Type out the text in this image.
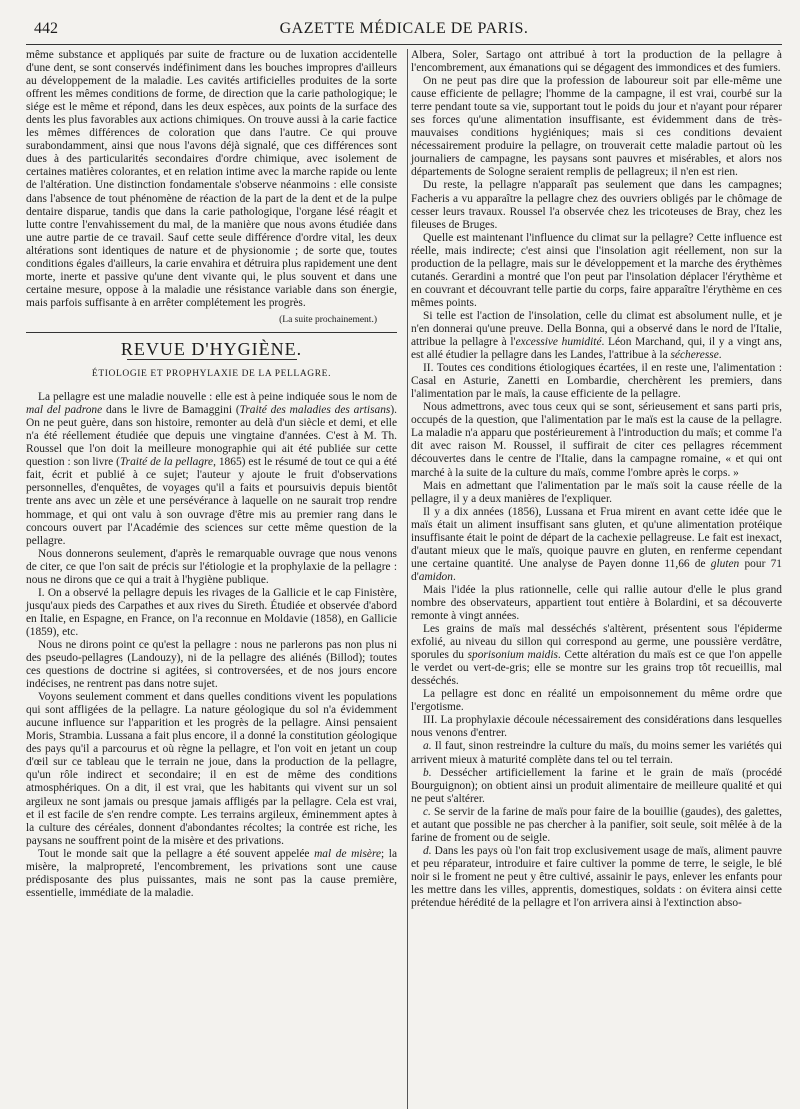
442	GAZETTE MÉDICALE DE PARIS.

même substance et appliqués par suite de fracture ou de luxation accidentelle d'une dent, se sont conservés indéfiniment dans les bouches impropres d'ailleurs au développement de la maladie. Les cavités artificielles produites de la sorte offrent les mêmes conditions de forme, de direction que la carie pathologique; le siége est le même et répond, dans les deux espèces, aux points de la surface des dents les plus favorables aux actions chimiques. On trouve aussi à la carie factice les mêmes différences de coloration que dans l'autre. Ce qui prouve surabondamment, ainsi que nous l'avons déjà signalé, que ces différences sont dues à des particularités secondaires d'ordre chimique, avec isolement de certaines matières colorantes, et en relation intime avec la marche rapide ou lente de l'altération. Une distinction fondamentale s'observe néanmoins : elle consiste dans l'absence de tout phénomène de réaction de la part de la dent et de la pulpe dentaire disparue, tandis que dans la carie pathologique, l'organe lésé réagit et lutte contre l'envahissement du mal, de la manière que nous avons étudiée dans une autre partie de ce travail. Sauf cette seule différence d'ordre vital, les deux altérations sont identiques de nature et de physionomie ; de sorte que, toutes conditions égales d'ailleurs, la carie envahira et détruira plus rapidement une dent morte, inerte et passive qu'une dent vivante qui, le plus souvent et dans une certaine mesure, oppose à la maladie une résistance variable dans son énergie, mais parfois suffisante à en arrêter complétement les progrès.

(La suite prochainement.)
REVUE D'HYGIÈNE.
ÉTIOLOGIE ET PROPHYLAXIE DE LA PELLAGRE.

La pellagre est une maladie nouvelle : elle est à peine indiquée sous le nom de mal del padrone dans le livre de Bamaggini (Traité des maladies des artisans). On ne peut guère, dans son histoire, remonter au delà d'un siècle et demi, et elle n'a été réellement étudiée que depuis une vingtaine d'années. C'est à M. Th. Roussel que l'on doit la meilleure monographie qui ait été publiée sur cette question : son livre (Traité de la pellagre, 1865) est le résumé de tout ce qui a été fait, écrit et publié à ce sujet; l'auteur y ajoute le fruit d'observations personnelles, d'enquêtes, de voyages qu'il a faits et poursuivis depuis bientôt trente ans avec un zèle et une persévérance à laquelle on ne saurait trop rendre hommage, et qui ont valu à son ouvrage d'être mis au premier rang dans le concours ouvert par l'Académie des sciences sur cette même question de la pellagre.

Nous donnerons seulement, d'après le remarquable ouvrage que nous venons de citer, ce que l'on sait de précis sur l'étiologie et la prophylaxie de la pellagre : nous ne dirons que ce qui a trait à l'hygiène publique.

I. On a observé la pellagre depuis les rivages de la Gallicie et le cap Finistère, jusqu'aux pieds des Carpathes et aux rives du Sireth. Étudiée et observée d'abord en Italie, en Espagne, en France, on l'a reconnue en Moldavie (1858), en Gallicie (1859), etc.

Nous ne dirons point ce qu'est la pellagre : nous ne parlerons pas non plus ni des pseudo-pellagres (Landouzy), ni de la pellagre des aliénés (Billod); toutes ces questions de doctrine si agitées, si controversées, et de nos jours encore indécises, ne rentrent pas dans notre sujet.

Voyons seulement comment et dans quelles conditions vivent les populations qui sont affligées de la pellagre. La nature géologique du sol n'a évidemment aucune influence sur l'apparition et les progrès de la pellagre. Ainsi pensaient Moris, Strambia. Lussana a fait plus encore, il a donné la constitution géologique des pays qu'il a parcourus et où règne la pellagre, et l'on voit en jetant un coup d'œil sur ce tableau que le terrain ne joue, dans la production de la pellagre, qu'un rôle indirect et secondaire; il en est de même des conditions atmosphériques. On a dit, il est vrai, que les habitants qui vivent sur un sol argileux ne sont jamais ou presque jamais affligés par la pellagre. Cela est vrai, et il est facile de s'en rendre compte. Les terrains argileux, éminemment aptes à la culture des céréales, donnent d'abondantes récoltes; la contrée est riche, les paysans ne souffrent point de la misère et des privations.

Tout le monde sait que la pellagre a été souvent appelée mal de misère; la misère, la malpropreté, l'encombrement, les privations sont une cause prédisposante des plus puissantes, mais ne sont pas la cause première, essentielle, immédiate de la maladie.

Albera, Soler, Sartago ont attribué à tort la production de la pellagre à l'encombrement, aux émanations qui se dégagent des immondices et des fumiers.

On ne peut pas dire que la profession de laboureur soit par elle-même une cause efficiente de pellagre; l'homme de la campagne, il est vrai, courbé sur la terre pendant toute sa vie, supportant tout le poids du jour et n'ayant pour réparer ses forces qu'une alimentation insuffisante, est évidemment dans de très-mauvaises conditions hygiéniques; mais si ces conditions devaient nécessairement produire la pellagre, on trouverait cette maladie partout où les journaliers de campagne, les paysans sont pauvres et misérables, et alors nos départements de Sologne seraient remplis de pellagreux; il n'en est rien.

Du reste, la pellagre n'apparaît pas seulement que dans les campagnes; Facheris a vu apparaître la pellagre chez des ouvriers obligés par le chômage de cesser leurs travaux. Roussel l'a observée chez les tricoteuses de Bray, chez les fileuses de Bruges.

Quelle est maintenant l'influence du climat sur la pellagre? Cette influence est réelle, mais indirecte; c'est ainsi que l'insolation agit réellement, non sur la production de la pellagre, mais sur le développement et la marche des érythèmes cutanés. Gerardini a montré que l'on peut par l'insolation déplacer l'érythème et en couvrant et découvrant telle partie du corps, faire apparaître l'érythème en ces mêmes points.

Si telle est l'action de l'insolation, celle du climat est absolument nulle, et je n'en donnerai qu'une preuve. Della Bonna, qui a observé dans le nord de l'Italie, attribue la pellagre à l'excessive humidité. Léon Marchand, qui, il y a vingt ans, est allé étudier la pellagre dans les Landes, l'attribue à la sécheresse.

II. Toutes ces conditions étiologiques écartées, il en reste une, l'alimentation : Casal en Asturie, Zanetti en Lombardie, cherchèrent les premiers, dans l'alimentation par le maïs, la cause efficiente de la pellagre.

Nous admettrons, avec tous ceux qui se sont, sérieusement et sans parti pris, occupés de la question, que l'alimentation par le maïs est la cause de la pellagre. La maladie n'a apparu que postérieurement à l'introduction du maïs; et comme l'a dit avec raison M. Roussel, il suffirait de citer ces pellagres récemment découvertes dans le centre de l'Italie, dans la campagne romaine, « et qui ont marché à la suite de la culture du maïs, comme l'ombre après le corps. »

Mais en admettant que l'alimentation par le maïs soit la cause réelle de la pellagre, il y a deux manières de l'expliquer.

Il y a dix années (1856), Lussana et Frua mirent en avant cette idée que le maïs était un aliment insuffisant sans gluten, et qu'une alimentation protéique insuffisante était le point de départ de la cachexie pellagreuse. Le fait est inexact, d'autant mieux que le maïs, quoique pauvre en gluten, en renferme cependant une certaine quantité. Une analyse de Payen donne 11,66 de gluten pour 71 d'amidon.

Mais l'idée la plus rationnelle, celle qui rallie autour d'elle le plus grand nombre des observateurs, appartient tout entière à Bolardini, et sa découverte remonte à vingt années.

Les grains de maïs mal desséchés s'altèrent, présentent sous l'épiderme exfolié, au niveau du sillon qui correspond au germe, une poussière verdâtre, sporules du sporisonium maidis. Cette altération du maïs est ce que l'on appelle le verdet ou vert-de-gris; elle se montre sur les grains trop tôt recueillis, mal desséchés.

La pellagre est donc en réalité un empoisonnement du même ordre que l'ergotisme.

III. La prophylaxie découle nécessairement des considérations dans lesquelles nous venons d'entrer.

a. Il faut, sinon restreindre la culture du maïs, du moins semer les variétés qui arrivent mieux à maturité complète dans tel ou tel terrain.

b. Dessécher artificiellement la farine et le grain de maïs (procédé Bourguignon); on obtient ainsi un produit alimentaire de meilleure qualité et qui ne peut s'altérer.

c. Se servir de la farine de maïs pour faire de la bouillie (gaudes), des galettes, et autant que possible ne pas chercher à la panifier, soit seule, soit mêlée à de la farine de froment ou de seigle.

d. Dans les pays où l'on fait trop exclusivement usage de maïs, aliment pauvre et peu réparateur, introduire et faire cultiver la pomme de terre, le seigle, le blé noir si le froment ne peut y être cultivé, assainir le pays, enlever les enfants pour les mettre dans les villes, apprentis, domestiques, soldats : on évitera ainsi cette prétendue hérédité de la pellagre et l'on arrivera ainsi à l'extinction abso-
